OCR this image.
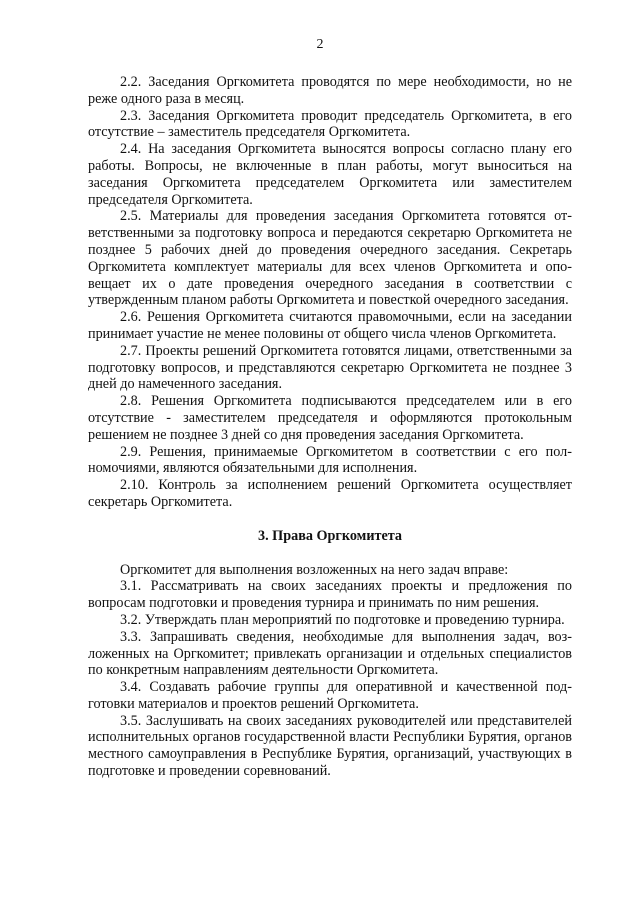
2

2.2. Заседания Оргкомитета проводятся по мере необходимости, но не реже одного раза в месяц.

2.3. Заседания Оргкомитета проводит председатель Оргкомитета, в его отсутствие – заместитель председателя Оргкомитета.

2.4. На заседания Оргкомитета выносятся вопросы согласно плану его работы. Вопросы, не включенные в план работы, могут выноситься на заседания Оргкомитета председателем Оргкомитета или заместителем председателя Оргкомитета.

2.5. Материалы для проведения заседания Оргкомитета готовятся ответственными за подготовку вопроса и передаются секретарю Оргкомитета не позднее 5 рабочих дней до проведения очередного заседания. Секретарь Оргкомитета комплектует материалы для всех членов Оргкомитета и оповещает их о дате проведения очередного заседания в соответствии с утвержденным планом работы Оргкомитета и повесткой очередного заседания.

2.6. Решения Оргкомитета считаются правомочными, если на заседании принимает участие не менее половины от общего числа членов Оргкомитета.

2.7. Проекты решений Оргкомитета готовятся лицами, ответственными за подготовку вопросов, и представляются секретарю Оргкомитета не позднее 3 дней до намеченного заседания.

2.8. Решения Оргкомитета подписываются председателем или в его отсутствие - заместителем председателя и оформляются протокольным решением не позднее 3 дней со дня проведения заседания Оргкомитета.

2.9. Решения, принимаемые Оргкомитетом в соответствии с его полномочиями, являются обязательными для исполнения.

2.10. Контроль за исполнением решений Оргкомитета осуществляет секретарь Оргкомитета.

3. Права Оргкомитета

Оргкомитет для выполнения возложенных на него задач вправе:

3.1. Рассматривать на своих заседаниях проекты и предложения по вопросам подготовки и проведения турнира и принимать по ним решения.

3.2. Утверждать план мероприятий по подготовке и проведению турнира.

3.3. Запрашивать сведения, необходимые для выполнения задач, возложенных на Оргкомитет; привлекать организации и отдельных специалистов по конкретным направлениям деятельности Оргкомитета.

3.4. Создавать рабочие группы для оперативной и качественной подготовки материалов и проектов решений Оргкомитета.

3.5. Заслушивать на своих заседаниях руководителей или представителей исполнительных органов государственной власти Республики Бурятия, органов местного самоуправления в Республике Бурятия, организаций, участвующих в подготовке и проведении соревнований.
